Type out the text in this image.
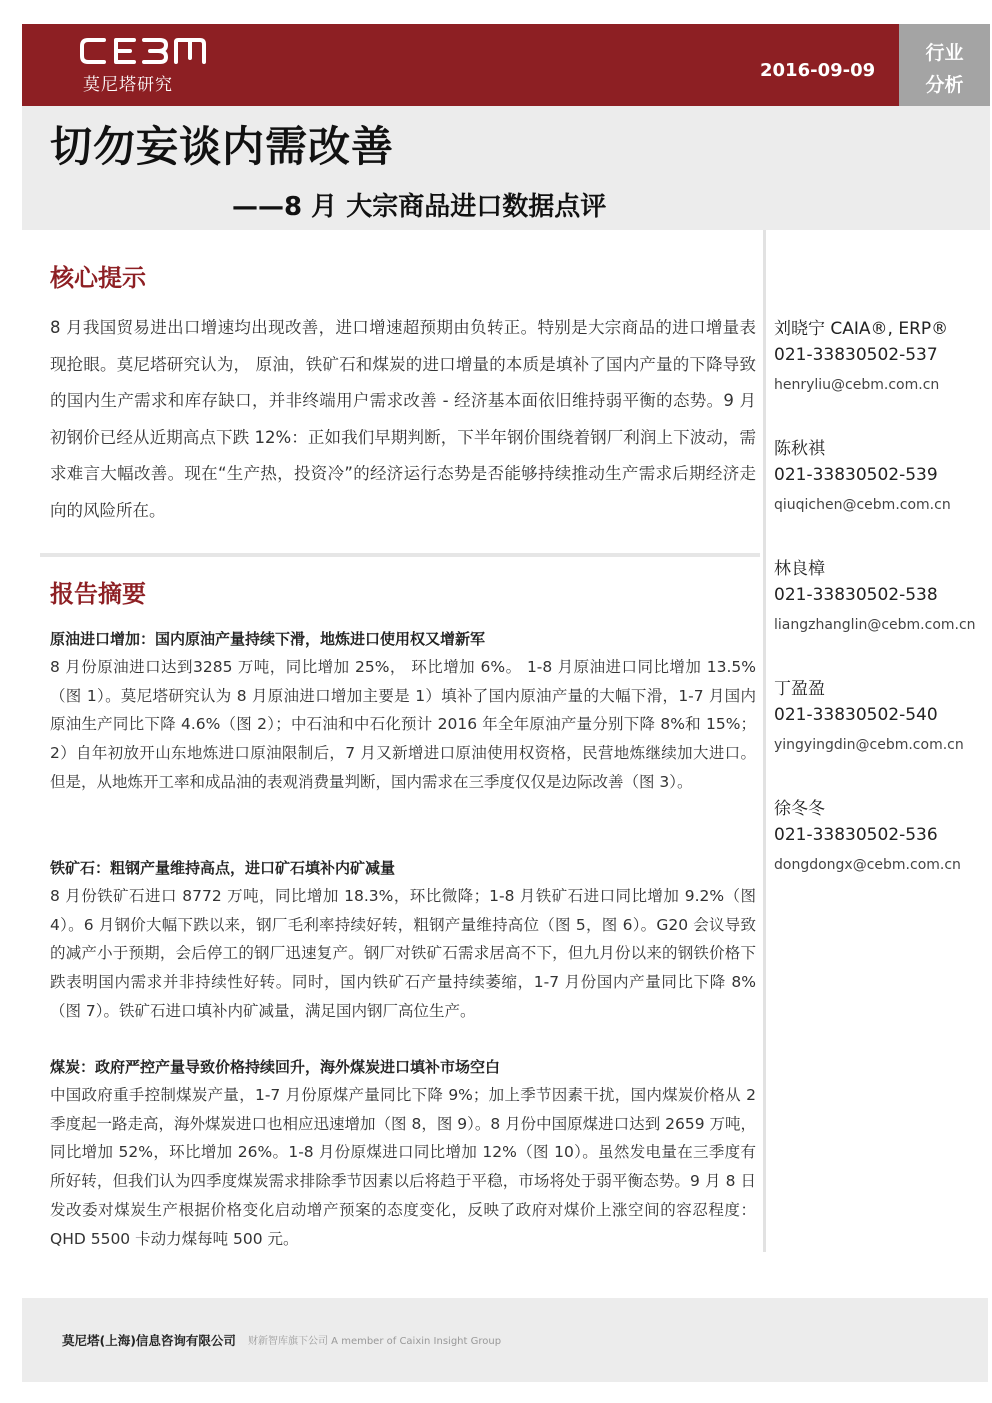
莫尼塔研究
2016-09-09
行业
分析
切勿妄谈内需改善
——8 月 大宗商品进口数据点评
核心提示
8 月我国贸易进出口增速均出现改善，进口增速超预期由负转正。特别是大宗商品的进口增量表现抢眼。莫尼塔研究认为， 原油，铁矿石和煤炭的进口增量的本质是填补了国内产量的下降导致的国内生产需求和库存缺口，并非终端用户需求改善 - 经济基本面依旧维持弱平衡的态势。9 月初钢价已经从近期高点下跌 12%：正如我们早期判断，下半年钢价围绕着钢厂利润上下波动，需求难言大幅改善。现在“生产热，投资冷”的经济运行态势是否能够持续推动生产需求后期经济走向的风险所在。
报告摘要
原油进口增加：国内原油产量持续下滑，地炼进口使用权又增新军
8 月份原油进口达到3285 万吨，同比增加 25%， 环比增加 6%。 1-8 月原油进口同比增加 13.5%（图 1）。莫尼塔研究认为 8 月原油进口增加主要是 1）填补了国内原油产量的大幅下滑，1-7 月国内原油生产同比下降 4.6%（图 2）；中石油和中石化预计 2016 年全年原油产量分别下降 8%和 15%； 2）自年初放开山东地炼进口原油限制后，7 月又新增进口原油使用权资格，民营地炼继续加大进口。但是，从地炼开工率和成品油的表观消费量判断，国内需求在三季度仅仅是边际改善（图 3）。
铁矿石：粗钢产量维持高点，进口矿石填补内矿减量
8 月份铁矿石进口 8772 万吨，同比增加 18.3%，环比微降；1-8 月铁矿石进口同比增加 9.2%（图 4）。6 月钢价大幅下跌以来，钢厂毛利率持续好转，粗钢产量维持高位（图 5，图 6）。G20 会议导致的减产小于预期，会后停工的钢厂迅速复产。钢厂对铁矿石需求居高不下，但九月份以来的钢铁价格下跌表明国内需求并非持续性好转。同时，国内铁矿石产量持续萎缩，1-7 月份国内产量同比下降 8%（图 7）。铁矿石进口填补内矿减量，满足国内钢厂高位生产。
煤炭：政府严控产量导致价格持续回升，海外煤炭进口填补市场空白
中国政府重手控制煤炭产量，1-7 月份原煤产量同比下降 9%；加上季节因素干扰，国内煤炭价格从 2 季度起一路走高，海外煤炭进口也相应迅速增加（图 8，图 9）。8 月份中国原煤进口达到 2659 万吨，同比增加 52%，环比增加 26%。1-8 月份原煤进口同比增加 12%（图 10）。虽然发电量在三季度有所好转，但我们认为四季度煤炭需求排除季节因素以后将趋于平稳，市场将处于弱平衡态势。9 月 8 日发改委对煤炭生产根据价格变化启动增产预案的态度变化，反映了政府对煤价上涨空间的容忍程度：QHD 5500 卡动力煤每吨 500 元。
刘晓宁 CAIA®, ERP®
021-33830502-537
henryliu@cebm.com.cn
陈秋祺
021-33830502-539
qiuqichen@cebm.com.cn
林良樟
021-33830502-538
liangzhanglin@cebm.com.cn
丁盈盈
021-33830502-540
yingyingdin@cebm.com.cn
徐冬冬
021-33830502-536
dongdongx@cebm.com.cn
莫尼塔(上海)信息咨询有限公司 财新智库旗下公司 A member of Caixin Insight Group
